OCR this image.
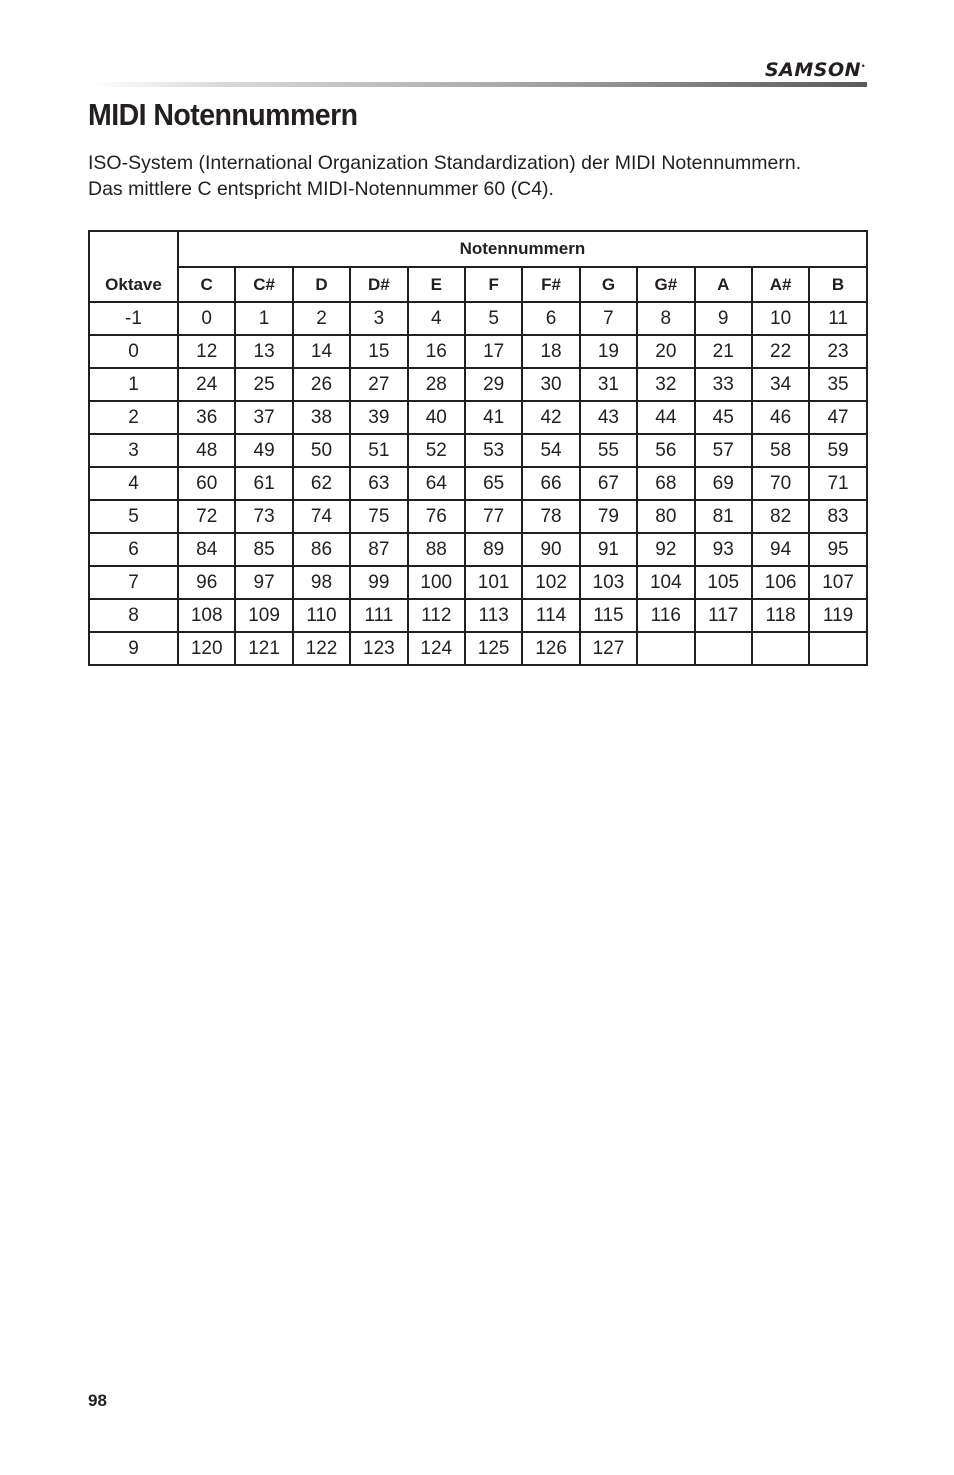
SAMSON•
MIDI Notennummern
ISO-System (International Organization Standardization) der MIDI Notennummern.
Das mittlere C entspricht MIDI-Notennummer 60 (C4).
Oktave	Notennummern											
	C	C#	D	D#	E	F	F#	G	G#	A	A#	B
-1	0	1	2	3	4	5	6	7	8	9	10	11
0	12	13	14	15	16	17	18	19	20	21	22	23
1	24	25	26	27	28	29	30	31	32	33	34	35
2	36	37	38	39	40	41	42	43	44	45	46	47
3	48	49	50	51	52	53	54	55	56	57	58	59
4	60	61	62	63	64	65	66	67	68	69	70	71
5	72	73	74	75	76	77	78	79	80	81	82	83
6	84	85	86	87	88	89	90	91	92	93	94	95
7	96	97	98	99	100	101	102	103	104	105	106	107
8	108	109	110	111	112	113	114	115	116	117	118	119
9	120	121	122	123	124	125	126	127				
98
